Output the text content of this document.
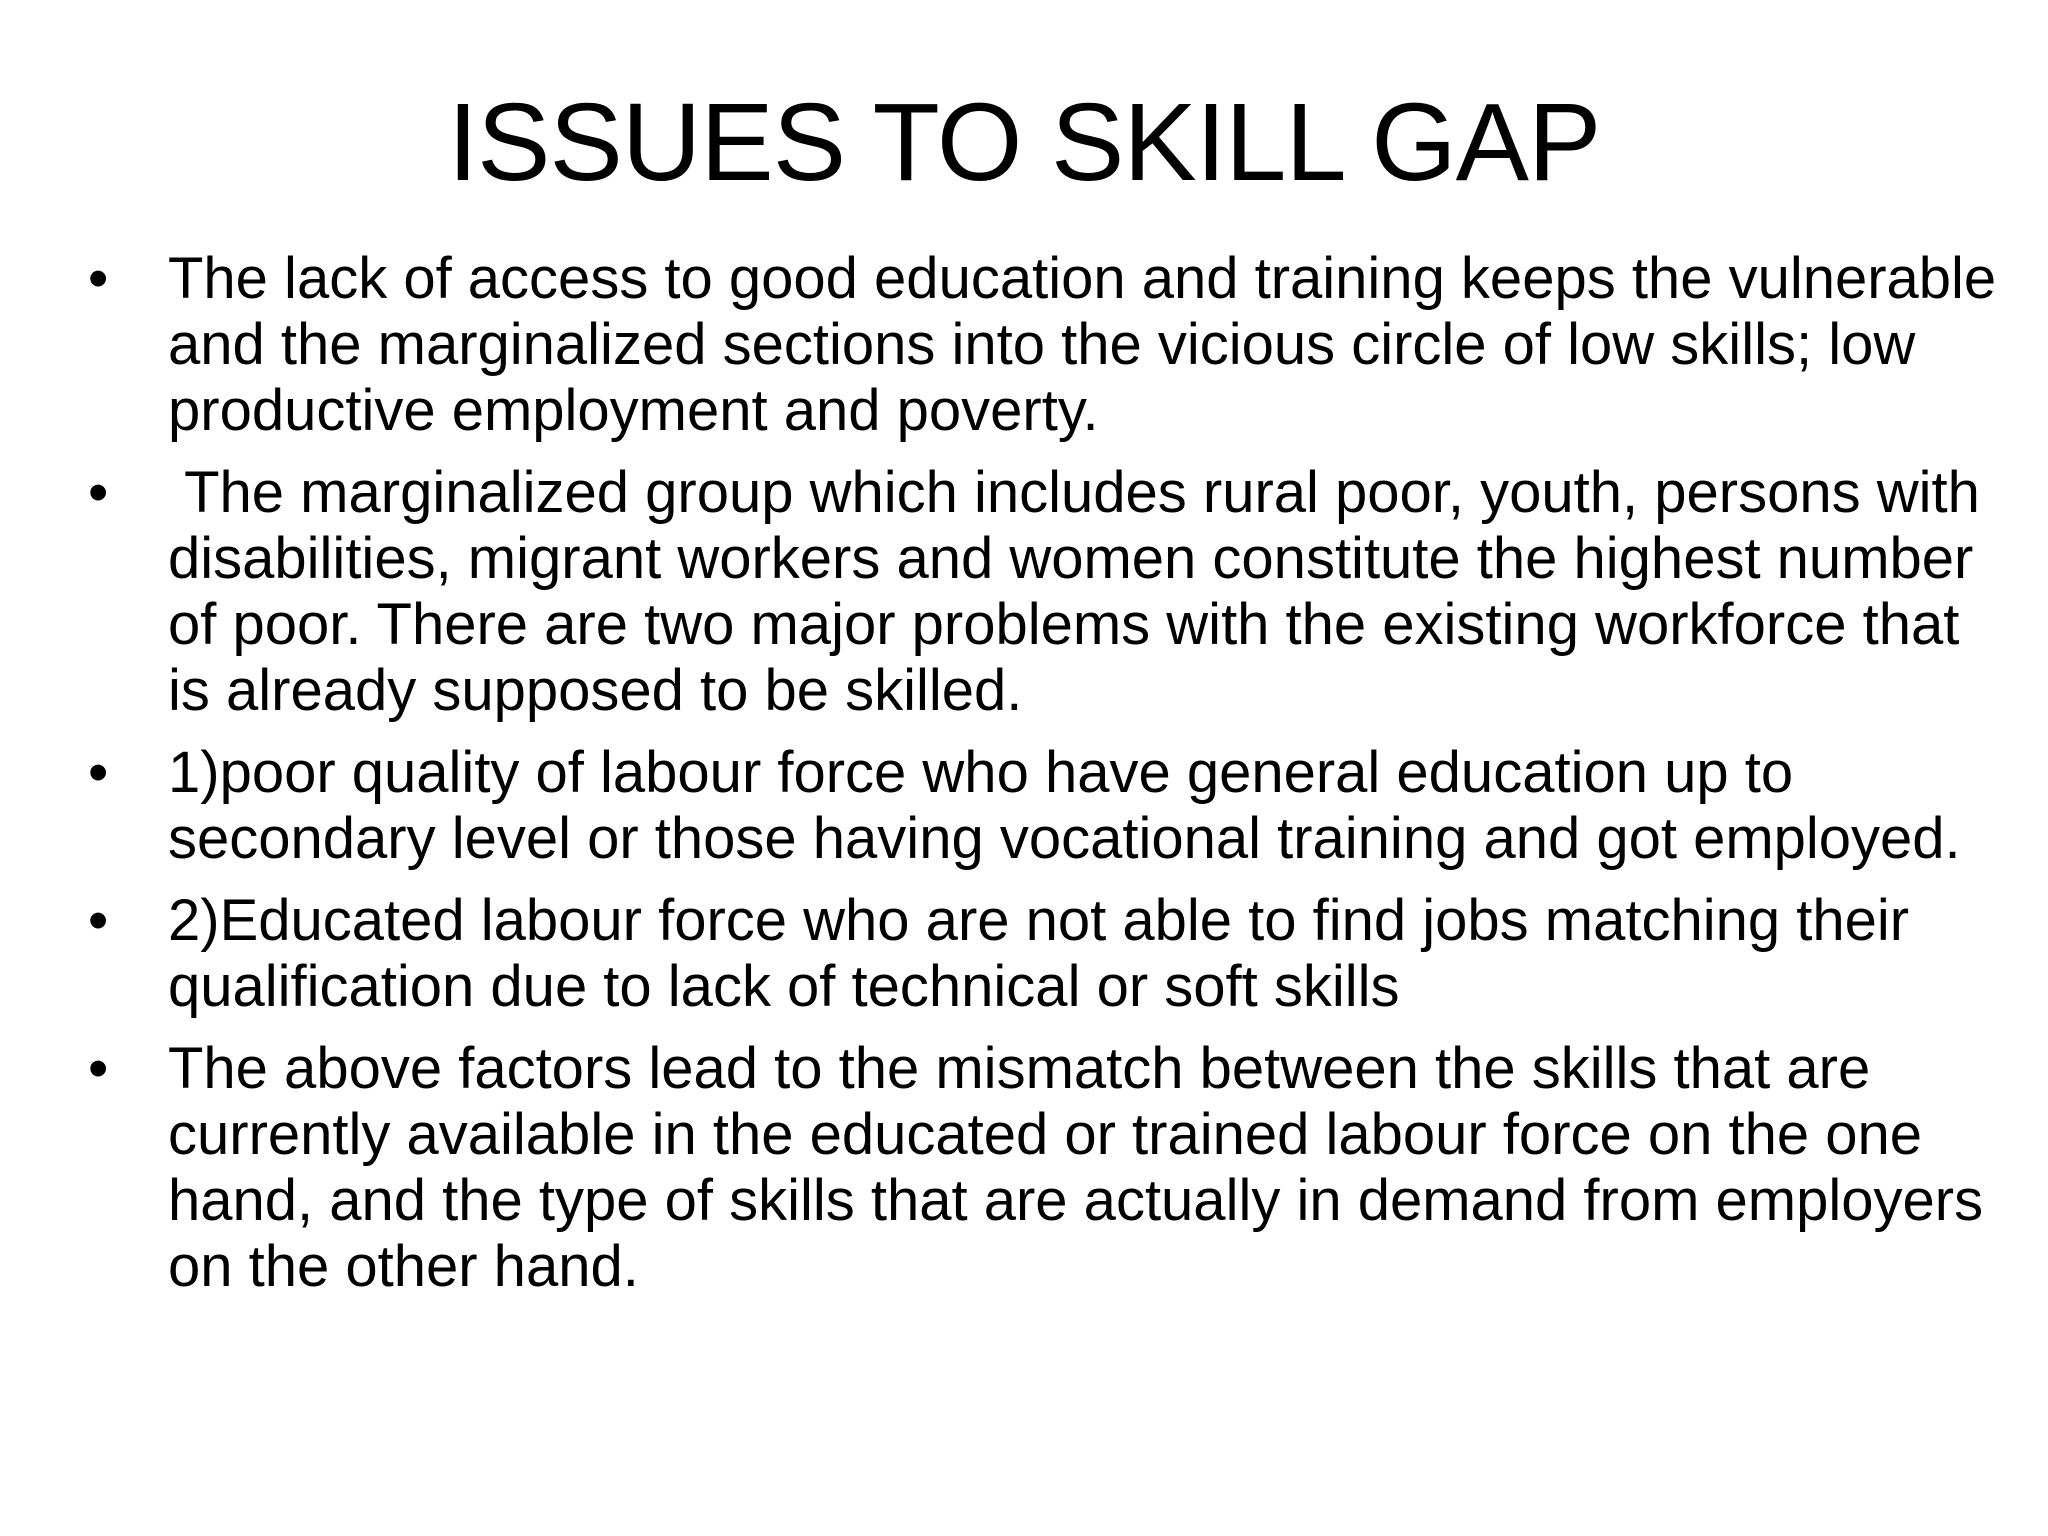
ISSUES TO SKILL GAP
•	The lack of access to good education and training keeps the vulnerable and the marginalized sections into the vicious circle of low skills; low productive employment and poverty.
•	The marginalized group which includes rural poor, youth, persons with disabilities, migrant workers and women constitute the highest number of poor. There are two major problems with the existing workforce that is already supposed to be skilled.
•	1)poor quality of labour force who have general education up to secondary level or those having vocational training and got employed.
•	2)Educated labour force who are not able to find jobs matching their qualification due to lack of technical or soft skills
•	The above factors lead to the mismatch between the skills that are currently available in the educated or trained labour force on the one hand, and the type of skills that are actually in demand from employers on the other hand.
